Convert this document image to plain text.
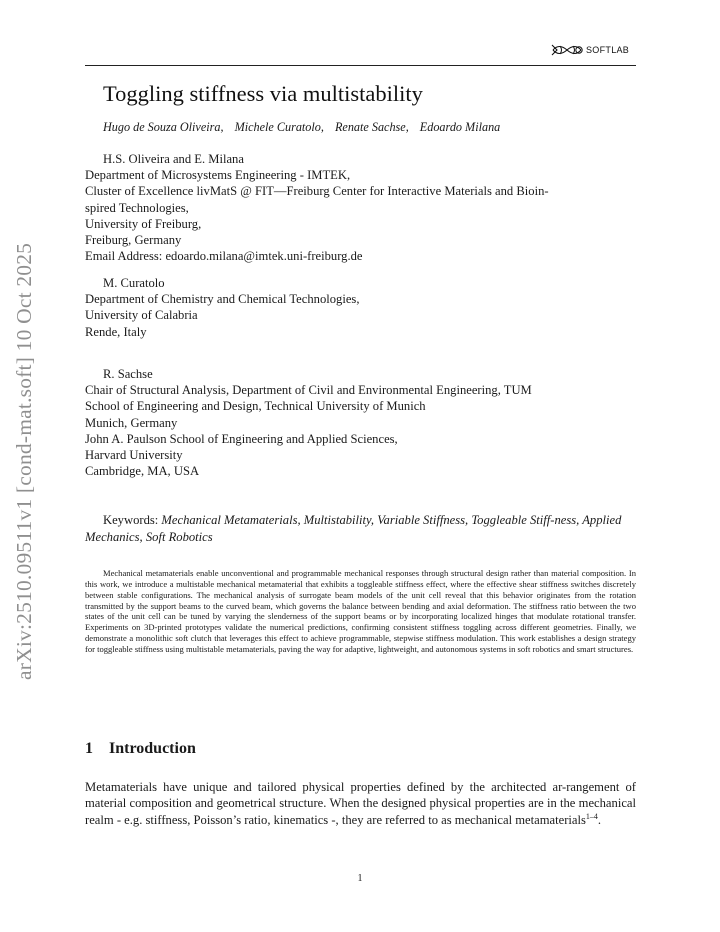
arXiv:2510.09511v1 [cond-mat.soft] 10 Oct 2025
SOFTLAB
Toggling stiffness via multistability
Hugo de Souza Oliveira, Michele Curatolo, Renate Sachse, Edoardo Milana
H.S. Oliveira and E. Milana
Department of Microsystems Engineering - IMTEK,
Cluster of Excellence livMatS @ FIT—Freiburg Center for Interactive Materials and Bioin-
spired Technologies,
University of Freiburg,
Freiburg, Germany
Email Address: edoardo.milana@imtek.uni-freiburg.de
M. Curatolo
Department of Chemistry and Chemical Technologies,
University of Calabria
Rende, Italy
R. Sachse
Chair of Structural Analysis, Department of Civil and Environmental Engineering, TUM
School of Engineering and Design, Technical University of Munich
Munich, Germany
John A. Paulson School of Engineering and Applied Sciences,
Harvard University
Cambridge, MA, USA
Keywords: Mechanical Metamaterials, Multistability, Variable Stiffness, Toggleable Stiff-ness, Applied Mechanics, Soft Robotics
Mechanical metamaterials enable unconventional and programmable mechanical responses through structural design rather than material composition. In this work, we introduce a multistable mechanical metamaterial that exhibits a toggleable stiffness effect, where the effective shear stiffness switches discretely between stable configurations. The mechanical analysis of surrogate beam models of the unit cell reveal that this behavior originates from the rotation transmitted by the support beams to the curved beam, which governs the balance between bending and axial deformation. The stiffness ratio between the two states of the unit cell can be tuned by varying the slenderness of the support beams or by incorporating localized hinges that modulate rotational transfer. Experiments on 3D-printed prototypes validate the numerical predictions, confirming consistent stiffness toggling across different geometries. Finally, we demonstrate a monolithic soft clutch that leverages this effect to achieve programmable, stepwise stiffness modulation. This work establishes a design strategy for toggleable stiffness using multistable metamaterials, paving the way for adaptive, lightweight, and autonomous systems in soft robotics and smart structures.
1 Introduction
Metamaterials have unique and tailored physical properties defined by the architected ar-rangement of material composition and geometrical structure. When the designed physical properties are in the mechanical realm - e.g. stiffness, Poisson’s ratio, kinematics -, they are referred to as mechanical metamaterials$^{1-4}$.
1
